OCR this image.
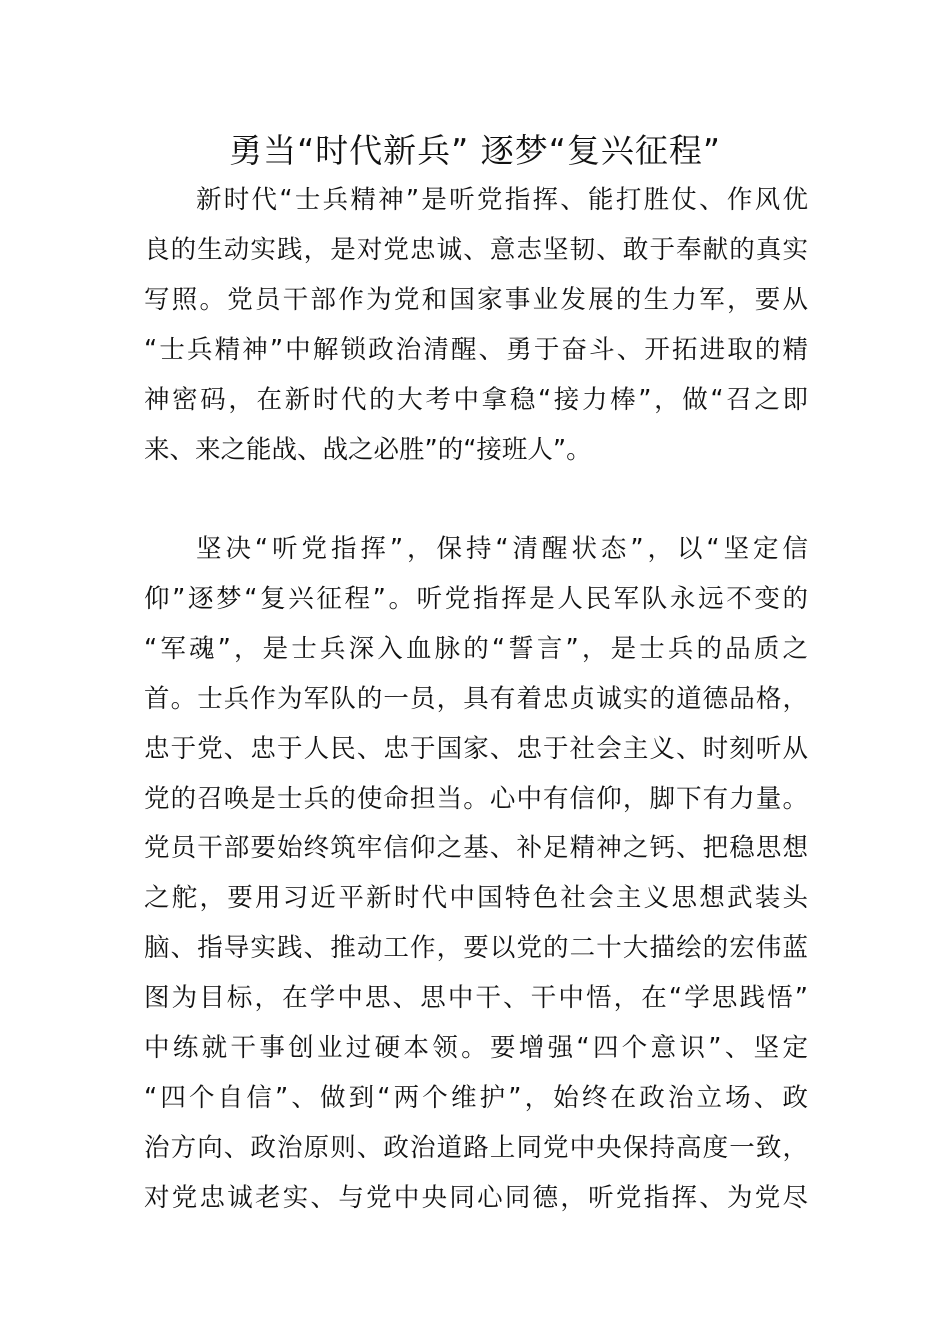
勇当“时代新兵” 逐梦“复兴征程”
新时代“士兵精神”是听党指挥、能打胜仗、作风优
良的生动实践，是对党忠诚、意志坚韧、敢于奉献的真实
写照。党员干部作为党和国家事业发展的生力军，要从
“士兵精神”中解锁政治清醒、勇于奋斗、开拓进取的精
神密码，在新时代的大考中拿稳“接力棒”，做“召之即
来、来之能战、战之必胜”的“接班人”。
坚决“听党指挥”，保持“清醒状态”，以“坚定信
仰”逐梦“复兴征程”。听党指挥是人民军队永远不变的
“军魂”，是士兵深入血脉的“誓言”，是士兵的品质之
首。士兵作为军队的一员，具有着忠贞诚实的道德品格，
忠于党、忠于人民、忠于国家、忠于社会主义、时刻听从
党的召唤是士兵的使命担当。心中有信仰，脚下有力量。
党员干部要始终筑牢信仰之基、补足精神之钙、把稳思想
之舵，要用习近平新时代中国特色社会主义思想武装头
脑、指导实践、推动工作，要以党的二十大描绘的宏伟蓝
图为目标，在学中思、思中干、干中悟，在“学思践悟”
中练就干事创业过硬本领。要增强“四个意识”、坚定
“四个自信”、做到“两个维护”，始终在政治立场、政
治方向、政治原则、政治道路上同党中央保持高度一致，
对党忠诚老实、与党中央同心同德，听党指挥、为党尽
